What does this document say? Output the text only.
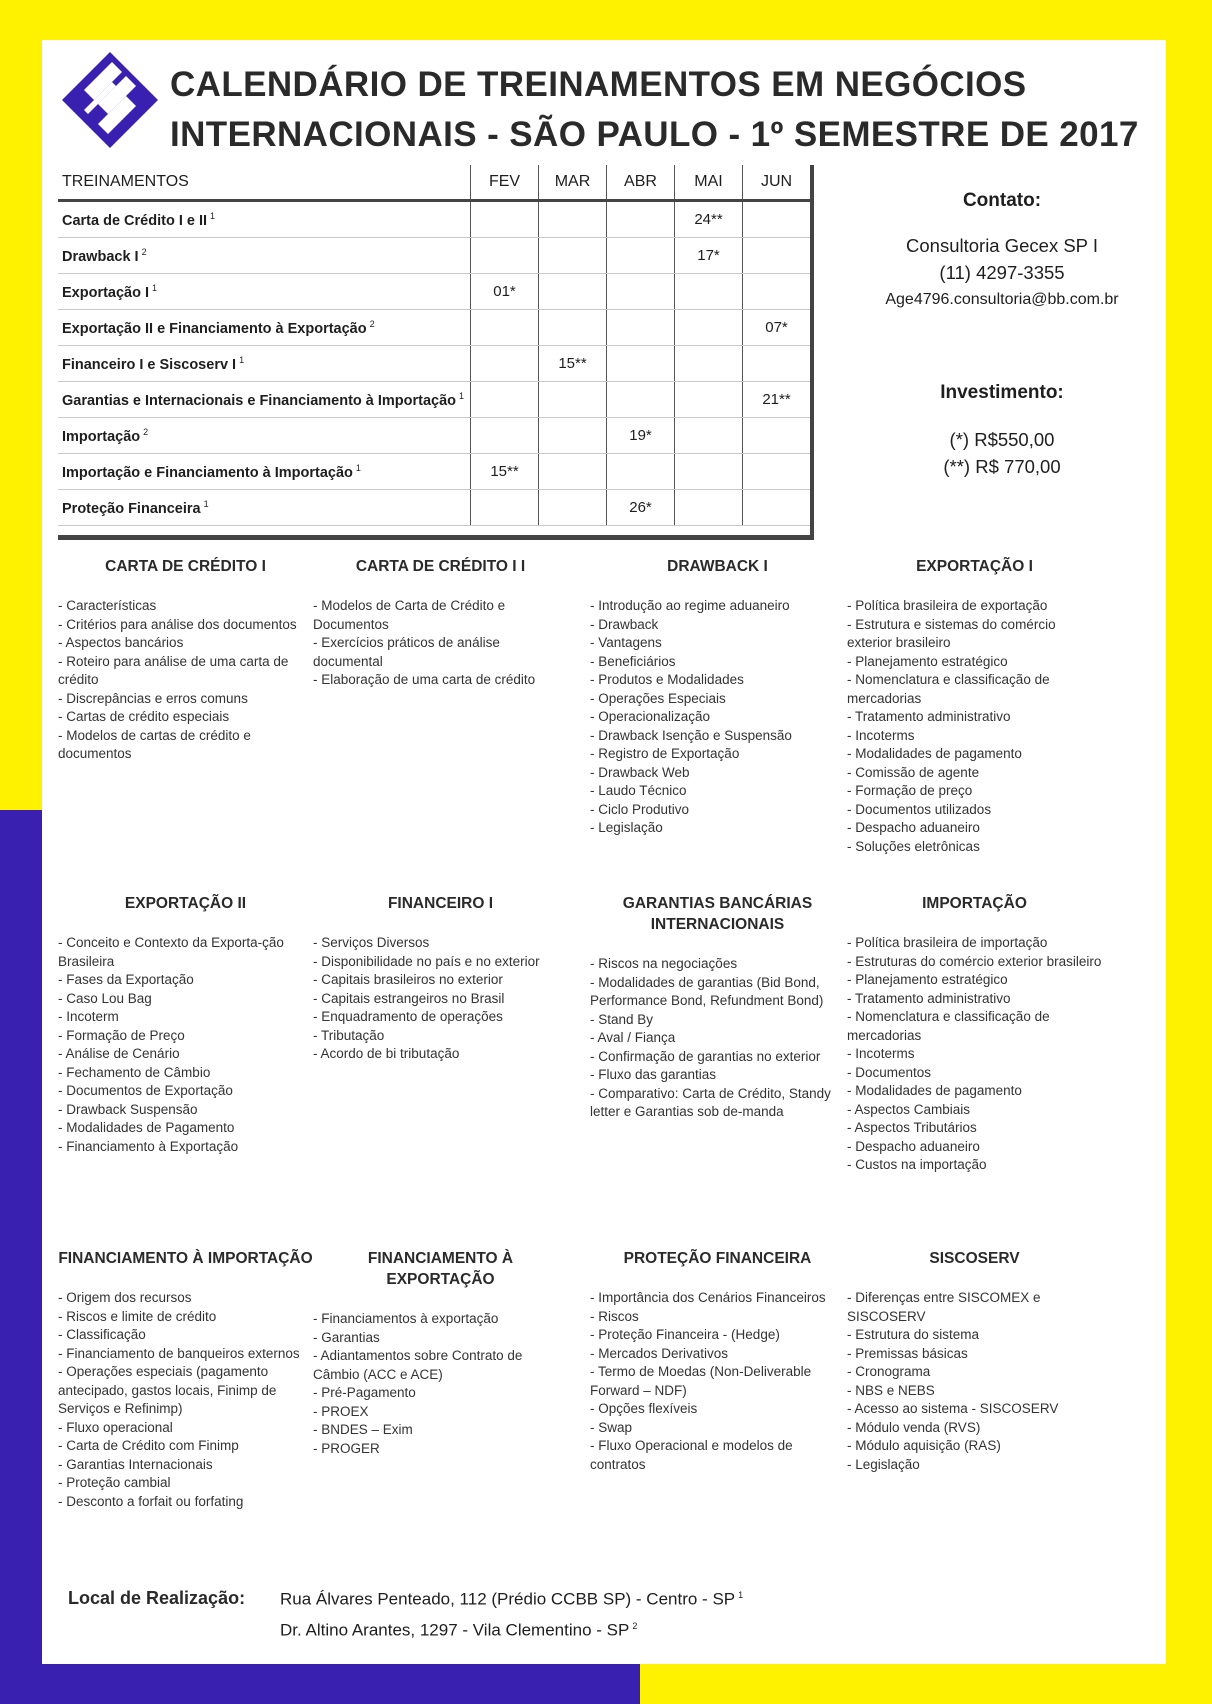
CALENDÁRIO DE TREINAMENTOS EM NEGÓCIOS
INTERNACIONAIS - SÃO PAULO - 1º SEMESTRE DE 2017
TREINAMENTOS	FEV	MAR	ABR	MAI	JUN
Carta de Crédito I e II $^1$				24**	
Drawback I $^2$				17*	
Exportação I $^1$	01*				
Exportação II e Financiamento à Exportação $^2$					07*
Financeiro I e Siscoserv I $^1$		15**			
Garantias e Internacionais e Financiamento à Importação $^1$					21**
Importação $^2$			19*		
Importação e Financiamento à Importação $^1$	15**				
Proteção Financeira $^1$			26*		
Contato:
Consultoria Gecex SP I
(11) 4297-3355
Age4796.consultoria@bb.com.br
Investimento:
(*) R$550,00
(**) R$ 770,00
CARTA DE CRÉDITO I
- Características
- Critérios para análise dos documentos
- Aspectos bancários
- Roteiro para análise de uma carta de crédito
- Discrepâncias e erros comuns
- Cartas de crédito especiais
- Modelos de cartas de crédito e documentos
CARTA DE CRÉDITO I I
- Modelos de Carta de Crédito e Documentos
- Exercícios práticos de análise documental
- Elaboração de uma carta de crédito
DRAWBACK I
- Introdução ao regime aduaneiro
- Drawback
- Vantagens
- Beneficiários
- Produtos e Modalidades
- Operações Especiais
- Operacionalização
- Drawback Isenção e Suspensão
- Registro de Exportação
- Drawback Web
- Laudo Técnico
- Ciclo Produtivo
- Legislação
EXPORTAÇÃO I
- Política brasileira de exportação
- Estrutura e sistemas do comércio exterior brasileiro
- Planejamento estratégico
- Nomenclatura e classificação de mercadorias
- Tratamento administrativo
- Incoterms
- Modalidades de pagamento
- Comissão de agente
- Formação de preço
- Documentos utilizados
- Despacho aduaneiro
- Soluções eletrônicas
EXPORTAÇÃO II
- Conceito e Contexto da Exporta-ção Brasileira
- Fases da Exportação
- Caso Lou Bag
- Incoterm
- Formação de Preço
- Análise de Cenário
- Fechamento de Câmbio
- Documentos de Exportação
- Drawback Suspensão
- Modalidades de Pagamento
- Financiamento à Exportação
FINANCEIRO I
- Serviços Diversos
- Disponibilidade no país e no exterior
- Capitais brasileiros no exterior
- Capitais estrangeiros no Brasil
- Enquadramento de operações
- Tributação
- Acordo de bi tributação
GARANTIAS BANCÁRIAS INTERNACIONAIS
- Riscos na negociações
- Modalidades de garantias (Bid Bond, Performance Bond, Refundment Bond)
- Stand By
- Aval / Fiança
- Confirmação de garantias no exterior
- Fluxo das garantias
- Comparativo: Carta de Crédito, Standy letter e Garantias sob de-manda
IMPORTAÇÃO
- Política brasileira de importação
- Estruturas do comércio exterior brasileiro
- Planejamento estratégico
- Tratamento administrativo
- Nomenclatura e classificação de mercadorias
- Incoterms
- Documentos
- Modalidades de pagamento
- Aspectos Cambiais
- Aspectos Tributários
- Despacho aduaneiro
- Custos na importação
FINANCIAMENTO À IMPORTAÇÃO
- Origem dos recursos
- Riscos e limite de crédito
- Classificação
- Financiamento de banqueiros externos
- Operações especiais (pagamento antecipado, gastos locais, Finimp de Serviços e Refinimp)
- Fluxo operacional
- Carta de Crédito com Finimp
- Garantias Internacionais
- Proteção cambial
- Desconto a forfait ou forfating
FINANCIAMENTO À EXPORTAÇÃO
- Financiamentos à exportação
- Garantias
- Adiantamentos sobre Contrato de Câmbio (ACC e ACE)
- Pré-Pagamento
- PROEX
- BNDES – Exim
- PROGER
PROTEÇÃO FINANCEIRA
- Importância dos Cenários Financeiros
- Riscos
- Proteção Financeira - (Hedge)
- Mercados Derivativos
- Termo de Moedas (Non-Deliverable Forward – NDF)
- Opções flexíveis
- Swap
- Fluxo Operacional e modelos de contratos
SISCOSERV
- Diferenças entre SISCOMEX e SISCOSERV
- Estrutura do sistema
- Premissas básicas
- Cronograma
- NBS e NEBS
- Acesso ao sistema - SISCOSERV
- Módulo venda (RVS)
- Módulo aquisição (RAS)
- Legislação
Local de Realização: Rua Álvares Penteado, 112 (Prédio CCBB SP) - Centro - SP $^1$
Dr. Altino Arantes, 1297 - Vila Clementino - SP $^2$
